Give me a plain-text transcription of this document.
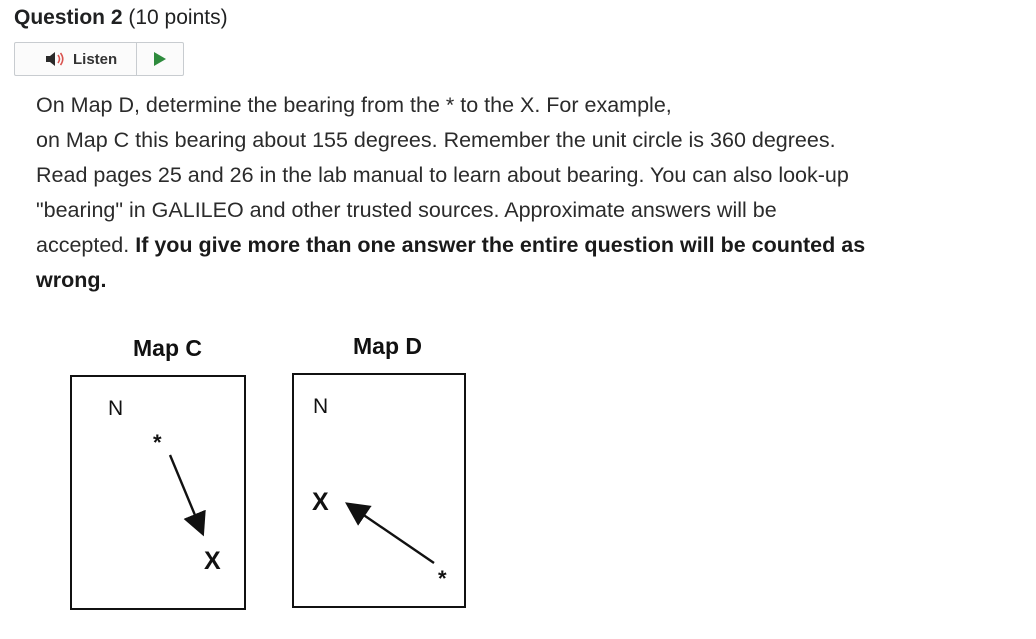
Question 2 (10 points)
Listen

On Map D, determine the bearing from the * to the X. For example,

on Map C this bearing about 155 degrees. Remember the unit circle is 360 degrees.

Read pages 25 and 26 in the lab manual to learn about bearing. You can also look-up

"bearing" in GALILEO and other trusted sources. Approximate answers will be

accepted. If you give more than one answer the entire question will be counted as

wrong.

Map C
N
*
X
Map D
N
X
*
